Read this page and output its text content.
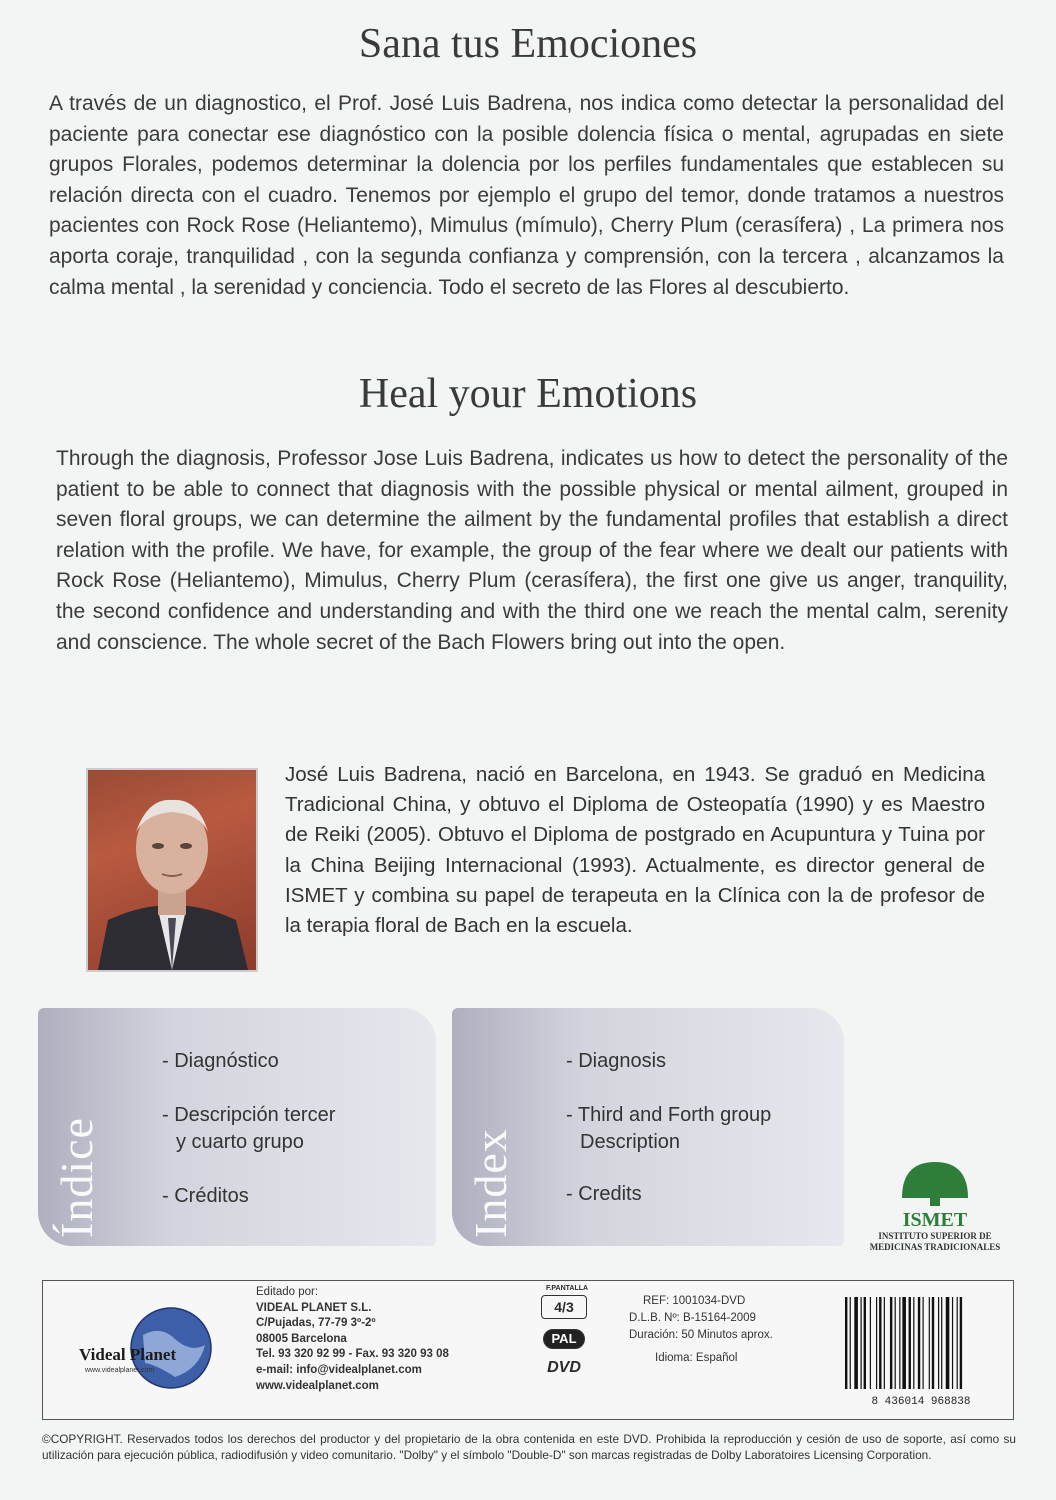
Sana tus Emociones

A través de un diagnostico, el Prof. José Luis Badrena, nos indica como detectar la personalidad del paciente para conectar ese diagnóstico con la posible dolencia física o mental, agrupadas en siete grupos Florales, podemos determinar la dolencia por los perfiles fundamentales que establecen su relación directa con el cuadro. Tenemos por ejemplo el grupo del temor, donde tratamos a nuestros pacientes con Rock Rose (Heliantemo), Mimulus (mímulo), Cherry Plum (cerasífera) , La primera nos aporta coraje, tranquilidad , con la segunda confianza y comprensión, con la tercera , alcanzamos la calma mental , la serenidad y conciencia. Todo el secreto de las Flores al descubierto.

Heal your Emotions

Through the diagnosis, Professor Jose Luis Badrena, indicates us how to detect the personality of the patient to be able to connect that diagnosis with the possible physical or mental ailment, grouped in seven floral groups, we can determine the ailment by the fundamental profiles that establish a direct relation with the profile. We have, for example, the group of the fear where we dealt our patients with Rock Rose (Heliantemo), Mimulus, Cherry Plum (cerasífera), the first one give us anger, tranquility, the second confidence and understanding and with the third one we reach the mental calm, serenity and conscience. The whole secret of the Bach Flowers bring out into the open.

José Luis Badrena, nació en Barcelona, en 1943. Se graduó en Medicina Tradicional China, y obtuvo el Diploma de Osteopatía (1990) y es Maestro de Reiki (2005). Obtuvo el Diploma de postgrado en Acupuntura y Tuina por la China Beijing Internacional (1993). Actualmente, es director general de ISMET y combina su papel de terapeuta en la Clínica con la de profesor de la terapia floral de Bach en la escuela.

Índice
- Diagnóstico
- Descripción tercer
y cuarto grupo
- Créditos	Index
- Diagnosis
- Third and Forth group
Description
- Credits
ISMET
INSTITUTO SUPERIOR DE
MEDICINAS TRADICIONALES
Videal Planet
www.videalplanet.com
Editado por:
VIDEAL PLANET S.L.
C/Pujadas, 77-79 3º-2º
08005 Barcelona
Tel. 93 320 92 99 - Fax. 93 320 93 08
e-mail: info@videalplanet.com
www.videalplanet.com
F.PANTALLA
4/3
PAL
DVD
REF: 1001034-DVD
D.L.B. Nº: B-15164-2009
Duración: 50 Minutos aprox.
Idioma: Español
8 436014 968838

©COPYRIGHT. Reservados todos los derechos del productor y del propietario de la obra contenida en este DVD. Prohibida la reproducción y cesión de uso de soporte, así como su utilización para ejecución pública, radiodifusión y video comunitario. "Dolby" y el símbolo "Double-D" son marcas registradas de Dolby Laboratoires Licensing Corporation.
